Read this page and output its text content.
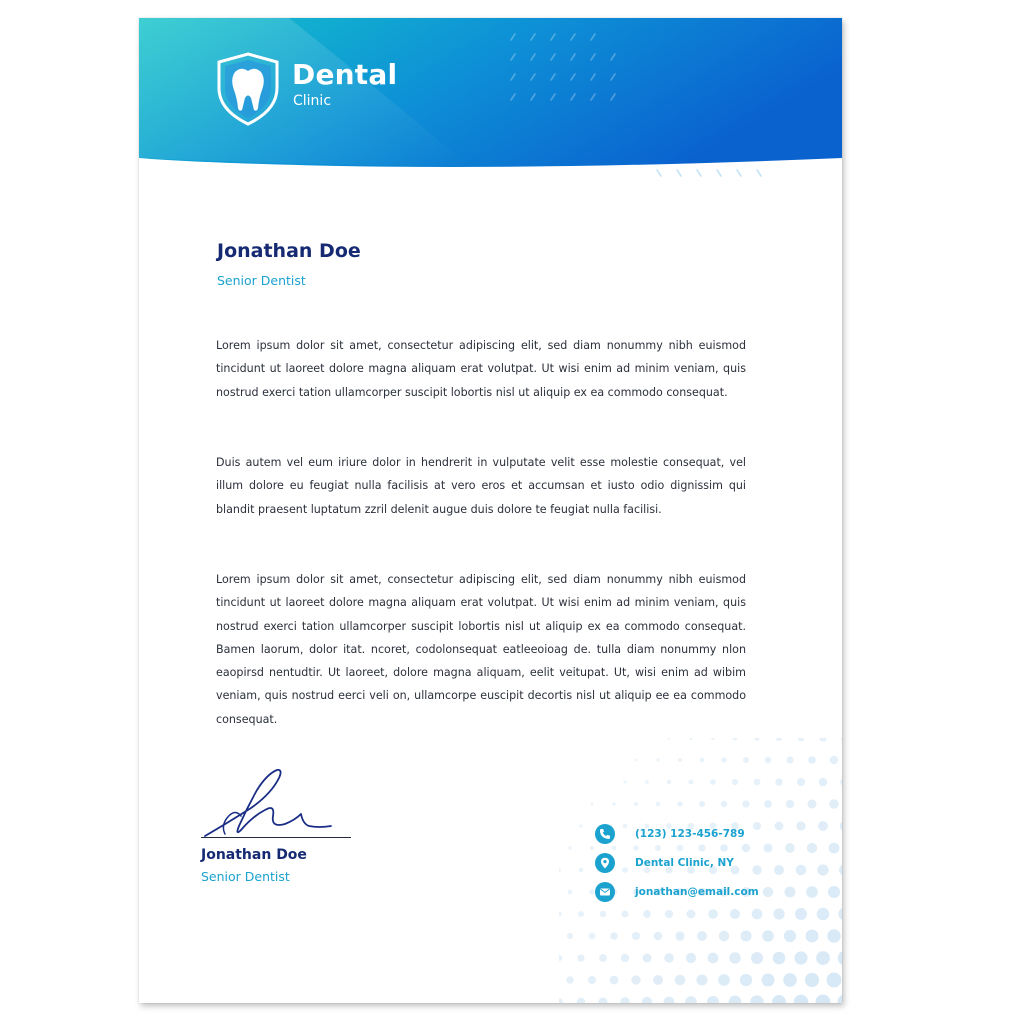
Dental
Clinic
Jonathan Doe
Senior Dentist

Lorem ipsum dolor sit amet, consectetur adipiscing elit, sed diam nonummy nibh euismod tincidunt ut laoreet dolore magna aliquam erat volutpat. Ut wisi enim ad minim veniam, quis nostrud exerci tation ullamcorper suscipit lobortis nisl ut aliquip ex ea commodo consequat.

Duis autem vel eum iriure dolor in hendrerit in vulputate velit esse molestie consequat, vel illum dolore eu feugiat nulla facilisis at vero eros et accumsan et iusto odio dignissim qui blandit praesent luptatum zzril delenit augue duis dolore te feugiat nulla facilisi.

Lorem ipsum dolor sit amet, consectetur adipiscing elit, sed diam nonummy nibh euismod tincidunt ut laoreet dolore magna aliquam erat volutpat. Ut wisi enim ad minim veniam, quis nostrud exerci tation ullamcorper suscipit lobortis nisl ut aliquip ex ea commodo consequat. Bamen laorum, dolor itat. ncoret, codolonsequat eatleeoioag de. tulla diam nonummy nlon eaopirsd nentudtir. Ut laoreet, dolore magna aliquam, eelit veitupat. Ut, wisi enim ad wibim veniam, quis nostrud eerci veli on, ullamcorpe euscipit decortis nisl ut aliquip ee ea commodo consequat.

Jonathan Doe
Senior Dentist
(123) 123-456-789
Dental Clinic, NY
jonathan@email.com
